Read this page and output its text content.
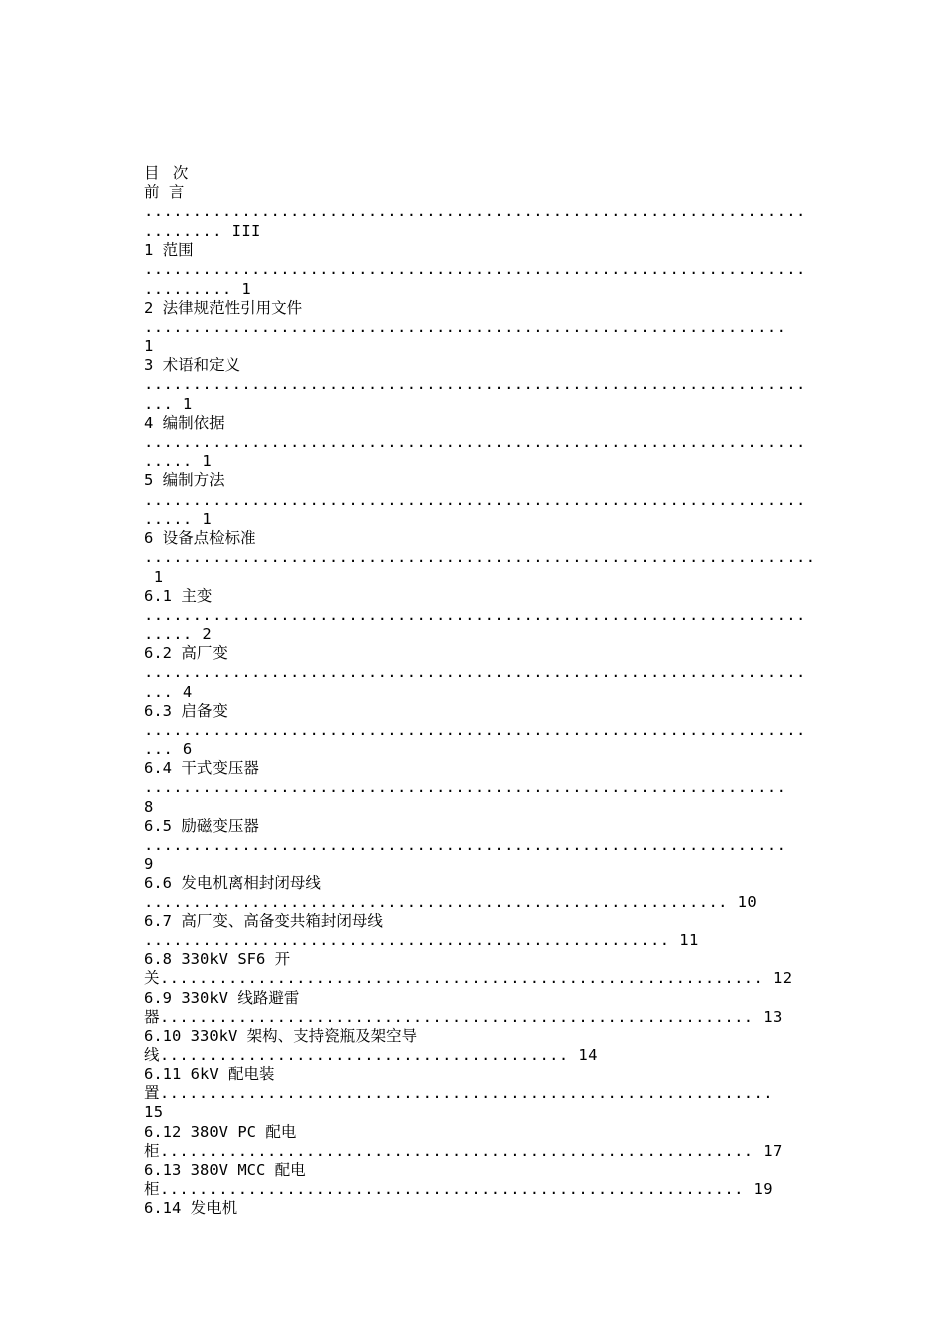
目 次
前 言
....................................................................
........ III
1 范围
....................................................................
......... 1
2 法律规范性引用文件
..................................................................
1
3 术语和定义
....................................................................
... 1
4 编制依据
....................................................................
..... 1
5 编制方法
....................................................................
..... 1
6 设备点检标准
.....................................................................
1
6.1 主变
....................................................................
..... 2
6.2 高厂变
....................................................................
... 4
6.3 启备变
....................................................................
... 6
6.4 干式变压器
..................................................................
8
6.5 励磁变压器
..................................................................
9
6.6 发电机离相封闭母线
............................................................ 10
6.7 高厂变、高备变共箱封闭母线
...................................................... 11
6.8 330kV SF6 开
关.............................................................. 12
6.9 330kV 线路避雷
器............................................................. 13
6.10 330kV 架构、支持瓷瓶及架空导
线.......................................... 14
6.11 6kV 配电装
置...............................................................
15
6.12 380V PC 配电
柜............................................................. 17
6.13 380V MCC 配电
柜............................................................ 19
6.14 发电机
